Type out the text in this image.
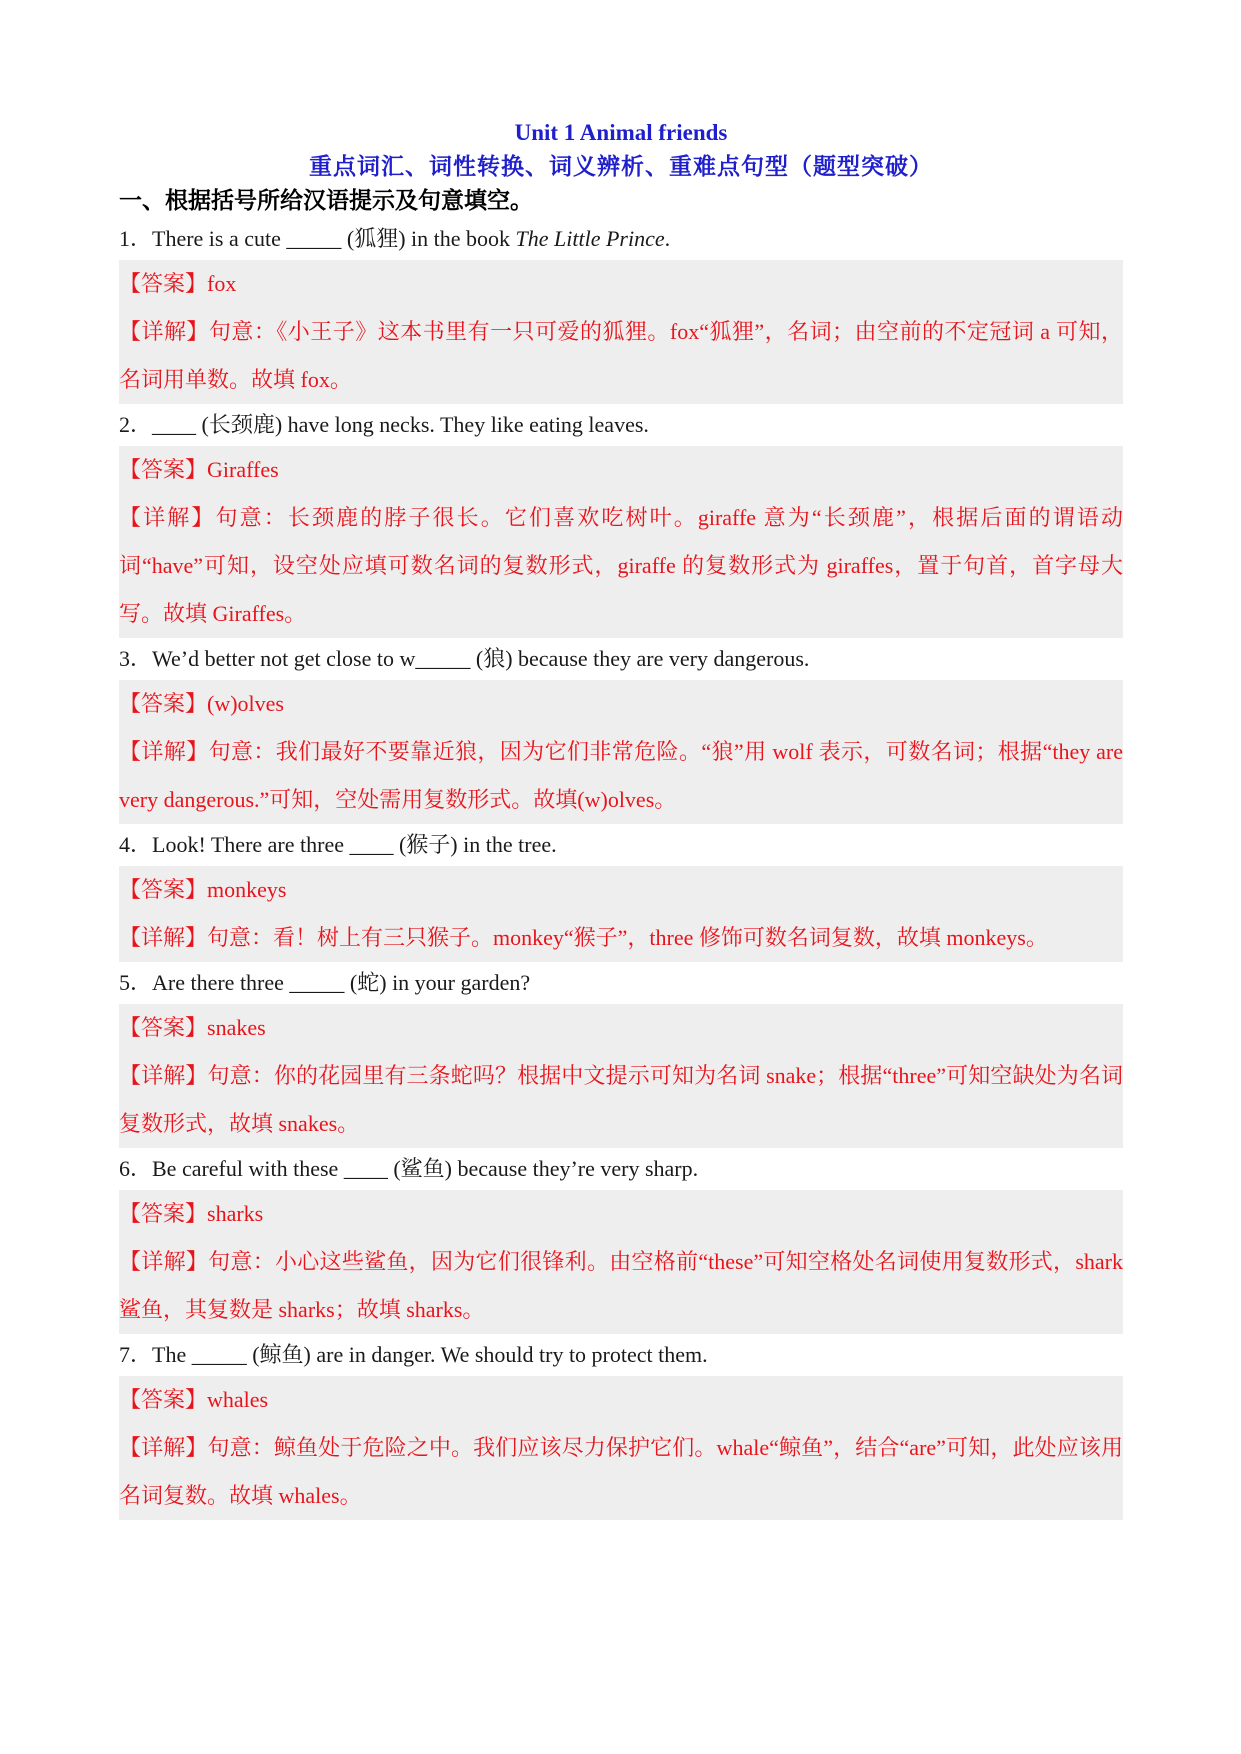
Unit 1 Animal friends
重点词汇、词性转换、词义辨析、重难点句型（题型突破）
一、根据括号所给汉语提示及句意填空。
1．There is a cute _____ (狐狸) in the book The Little Prince.
【答案】fox
【详解】句意：《小王子》这本书里有一只可爱的狐狸。fox“狐狸”，名词；由空前的不定冠词 a 可知，名词用单数。故填 fox。
2．____ (长颈鹿) have long necks. They like eating leaves.
【答案】Giraffes
【详解】句意：长颈鹿的脖子很长。它们喜欢吃树叶。giraffe 意为“长颈鹿”，根据后面的谓语动词“have”可知，设空处应填可数名词的复数形式，giraffe 的复数形式为 giraffes，置于句首，首字母大写。故填 Giraffes。
3．We’d better not get close to w_____ (狼) because they are very dangerous.
【答案】(w)olves
【详解】句意：我们最好不要靠近狼，因为它们非常危险。“狼”用 wolf 表示，可数名词；根据“they are very dangerous.”可知，空处需用复数形式。故填(w)olves。
4．Look! There are three ____ (猴子) in the tree.
【答案】monkeys
【详解】句意：看！树上有三只猴子。monkey“猴子”，three 修饰可数名词复数，故填 monkeys。
5．Are there three _____ (蛇) in your garden?
【答案】snakes
【详解】句意：你的花园里有三条蛇吗？根据中文提示可知为名词 snake；根据“three”可知空缺处为名词复数形式，故填 snakes。
6．Be careful with these ____ (鲨鱼) because they’re very sharp.
【答案】sharks
【详解】句意：小心这些鲨鱼，因为它们很锋利。由空格前“these”可知空格处名词使用复数形式，shark 鲨鱼，其复数是 sharks；故填 sharks。
7．The _____ (鲸鱼) are in danger. We should try to protect them.
【答案】whales
【详解】句意：鲸鱼处于危险之中。我们应该尽力保护它们。whale“鲸鱼”，结合“are”可知，此处应该用名词复数。故填 whales。
